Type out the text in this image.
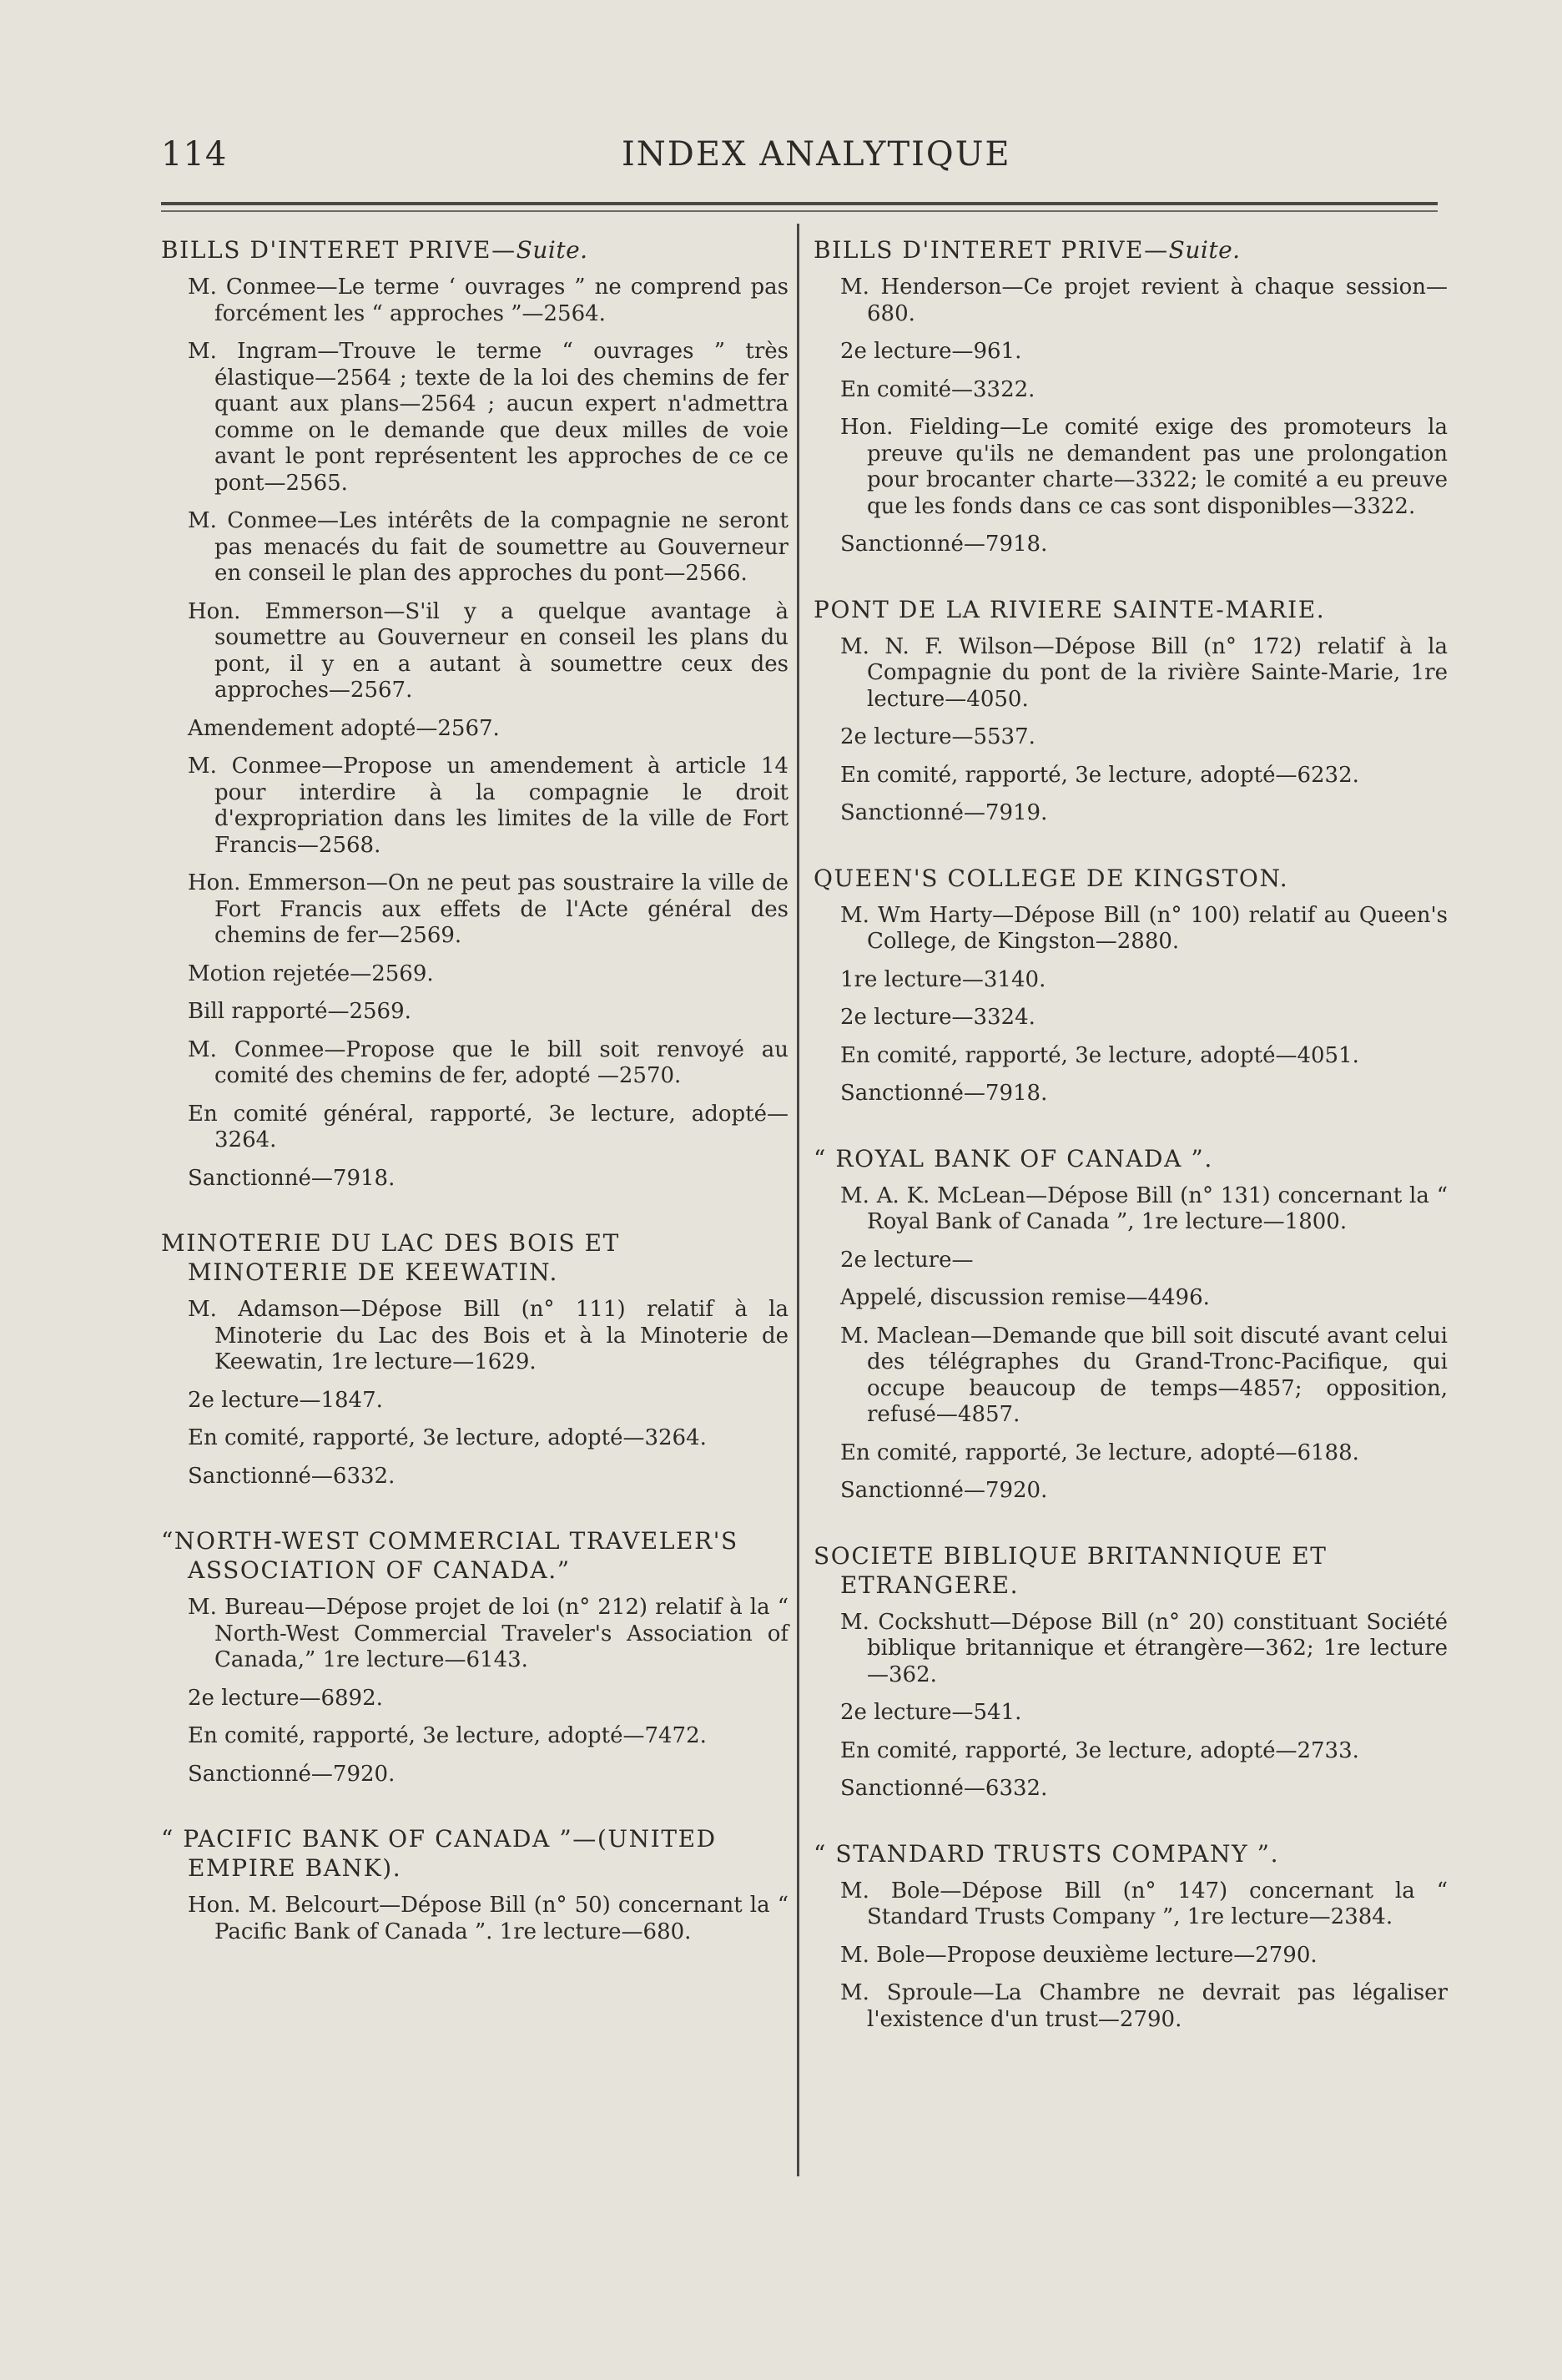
114	INDEX ANALYTIQUE

BILLS D'INTERET PRIVE—Suite.

M. Conmee—Le terme ‘ ouvrages ” ne comprend pas forcément les “ approches ”—2564.

M. Ingram—Trouve le terme “ ouvrages ” très élastique—2564 ; texte de la loi des chemins de fer quant aux plans—2564 ; aucun expert n'admettra comme on le demande que deux milles de voie avant le pont représentent les approches de ce ce pont—2565.

M. Conmee—Les intérêts de la compagnie ne seront pas menacés du fait de soumettre au Gouverneur en conseil le plan des approches du pont—2566.

Hon. Emmerson—S'il y a quelque avantage à soumettre au Gouverneur en conseil les plans du pont, il y en a autant à soumettre ceux des approches—2567.

Amendement adopté—2567.

M. Conmee—Propose un amendement à article 14 pour interdire à la compagnie le droit d'expropriation dans les limites de la ville de Fort Francis—2568.

Hon. Emmerson—On ne peut pas soustraire la ville de Fort Francis aux effets de l'Acte général des chemins de fer—2569.

Motion rejetée—2569.

Bill rapporté—2569.

M. Conmee—Propose que le bill soit renvoyé au comité des chemins de fer, adopté —2570.

En comité général, rapporté, 3e lecture, adopté—3264.

Sanctionné—7918.

MINOTERIE DU LAC DES BOIS ET MINOTERIE DE KEEWATIN.

M. Adamson—Dépose Bill (n° 111) relatif à la Minoterie du Lac des Bois et à la Minoterie de Keewatin, 1re lecture—1629.

2e lecture—1847.

En comité, rapporté, 3e lecture, adopté—3264.

Sanctionné—6332.

“NORTH-WEST COMMERCIAL TRAVELER'S ASSOCIATION OF CANADA.”

M. Bureau—Dépose projet de loi (n° 212) relatif à la “ North-West Commercial Traveler's Association of Canada,” 1re lecture—6143.

2e lecture—6892.

En comité, rapporté, 3e lecture, adopté—7472.

Sanctionné—7920.

“ PACIFIC BANK OF CANADA ”—(UNITED EMPIRE BANK).

Hon. M. Belcourt—Dépose Bill (n° 50) concernant la “ Pacific Bank of Canada ”. 1re lecture—680.

BILLS D'INTERET PRIVE—Suite.

M. Henderson—Ce projet revient à chaque session—680.

2e lecture—961.

En comité—3322.

Hon. Fielding—Le comité exige des promoteurs la preuve qu'ils ne demandent pas une prolongation pour brocanter charte—3322; le comité a eu preuve que les fonds dans ce cas sont disponibles—3322.

Sanctionné—7918.

PONT DE LA RIVIERE SAINTE-MARIE.

M. N. F. Wilson—Dépose Bill (n° 172) relatif à la Compagnie du pont de la rivière Sainte-Marie, 1re lecture—4050.

2e lecture—5537.

En comité, rapporté, 3e lecture, adopté—6232.

Sanctionné—7919.

QUEEN'S COLLEGE DE KINGSTON.

M. Wm Harty—Dépose Bill (n° 100) relatif au Queen's College, de Kingston—2880.

1re lecture—3140.

2e lecture—3324.

En comité, rapporté, 3e lecture, adopté—4051.

Sanctionné—7918.

“ ROYAL BANK OF CANADA ”.

M. A. K. McLean—Dépose Bill (n° 131) concernant la “ Royal Bank of Canada ”, 1re lecture—1800.

2e lecture—

Appelé, discussion remise—4496.

M. Maclean—Demande que bill soit discuté avant celui des télégraphes du Grand-Tronc-Pacifique, qui occupe beaucoup de temps—4857; opposition, refusé—4857.

En comité, rapporté, 3e lecture, adopté—6188.

Sanctionné—7920.

SOCIETE BIBLIQUE BRITANNIQUE ET ETRANGERE.

M. Cockshutt—Dépose Bill (n° 20) constituant Société biblique britannique et étrangère—362; 1re lecture—362.

2e lecture—541.

En comité, rapporté, 3e lecture, adopté—2733.

Sanctionné—6332.

“ STANDARD TRUSTS COMPANY ”.

M. Bole—Dépose Bill (n° 147) concernant la “ Standard Trusts Company ”, 1re lecture—2384.

M. Bole—Propose deuxième lecture—2790.

M. Sproule—La Chambre ne devrait pas légaliser l'existence d'un trust—2790.
